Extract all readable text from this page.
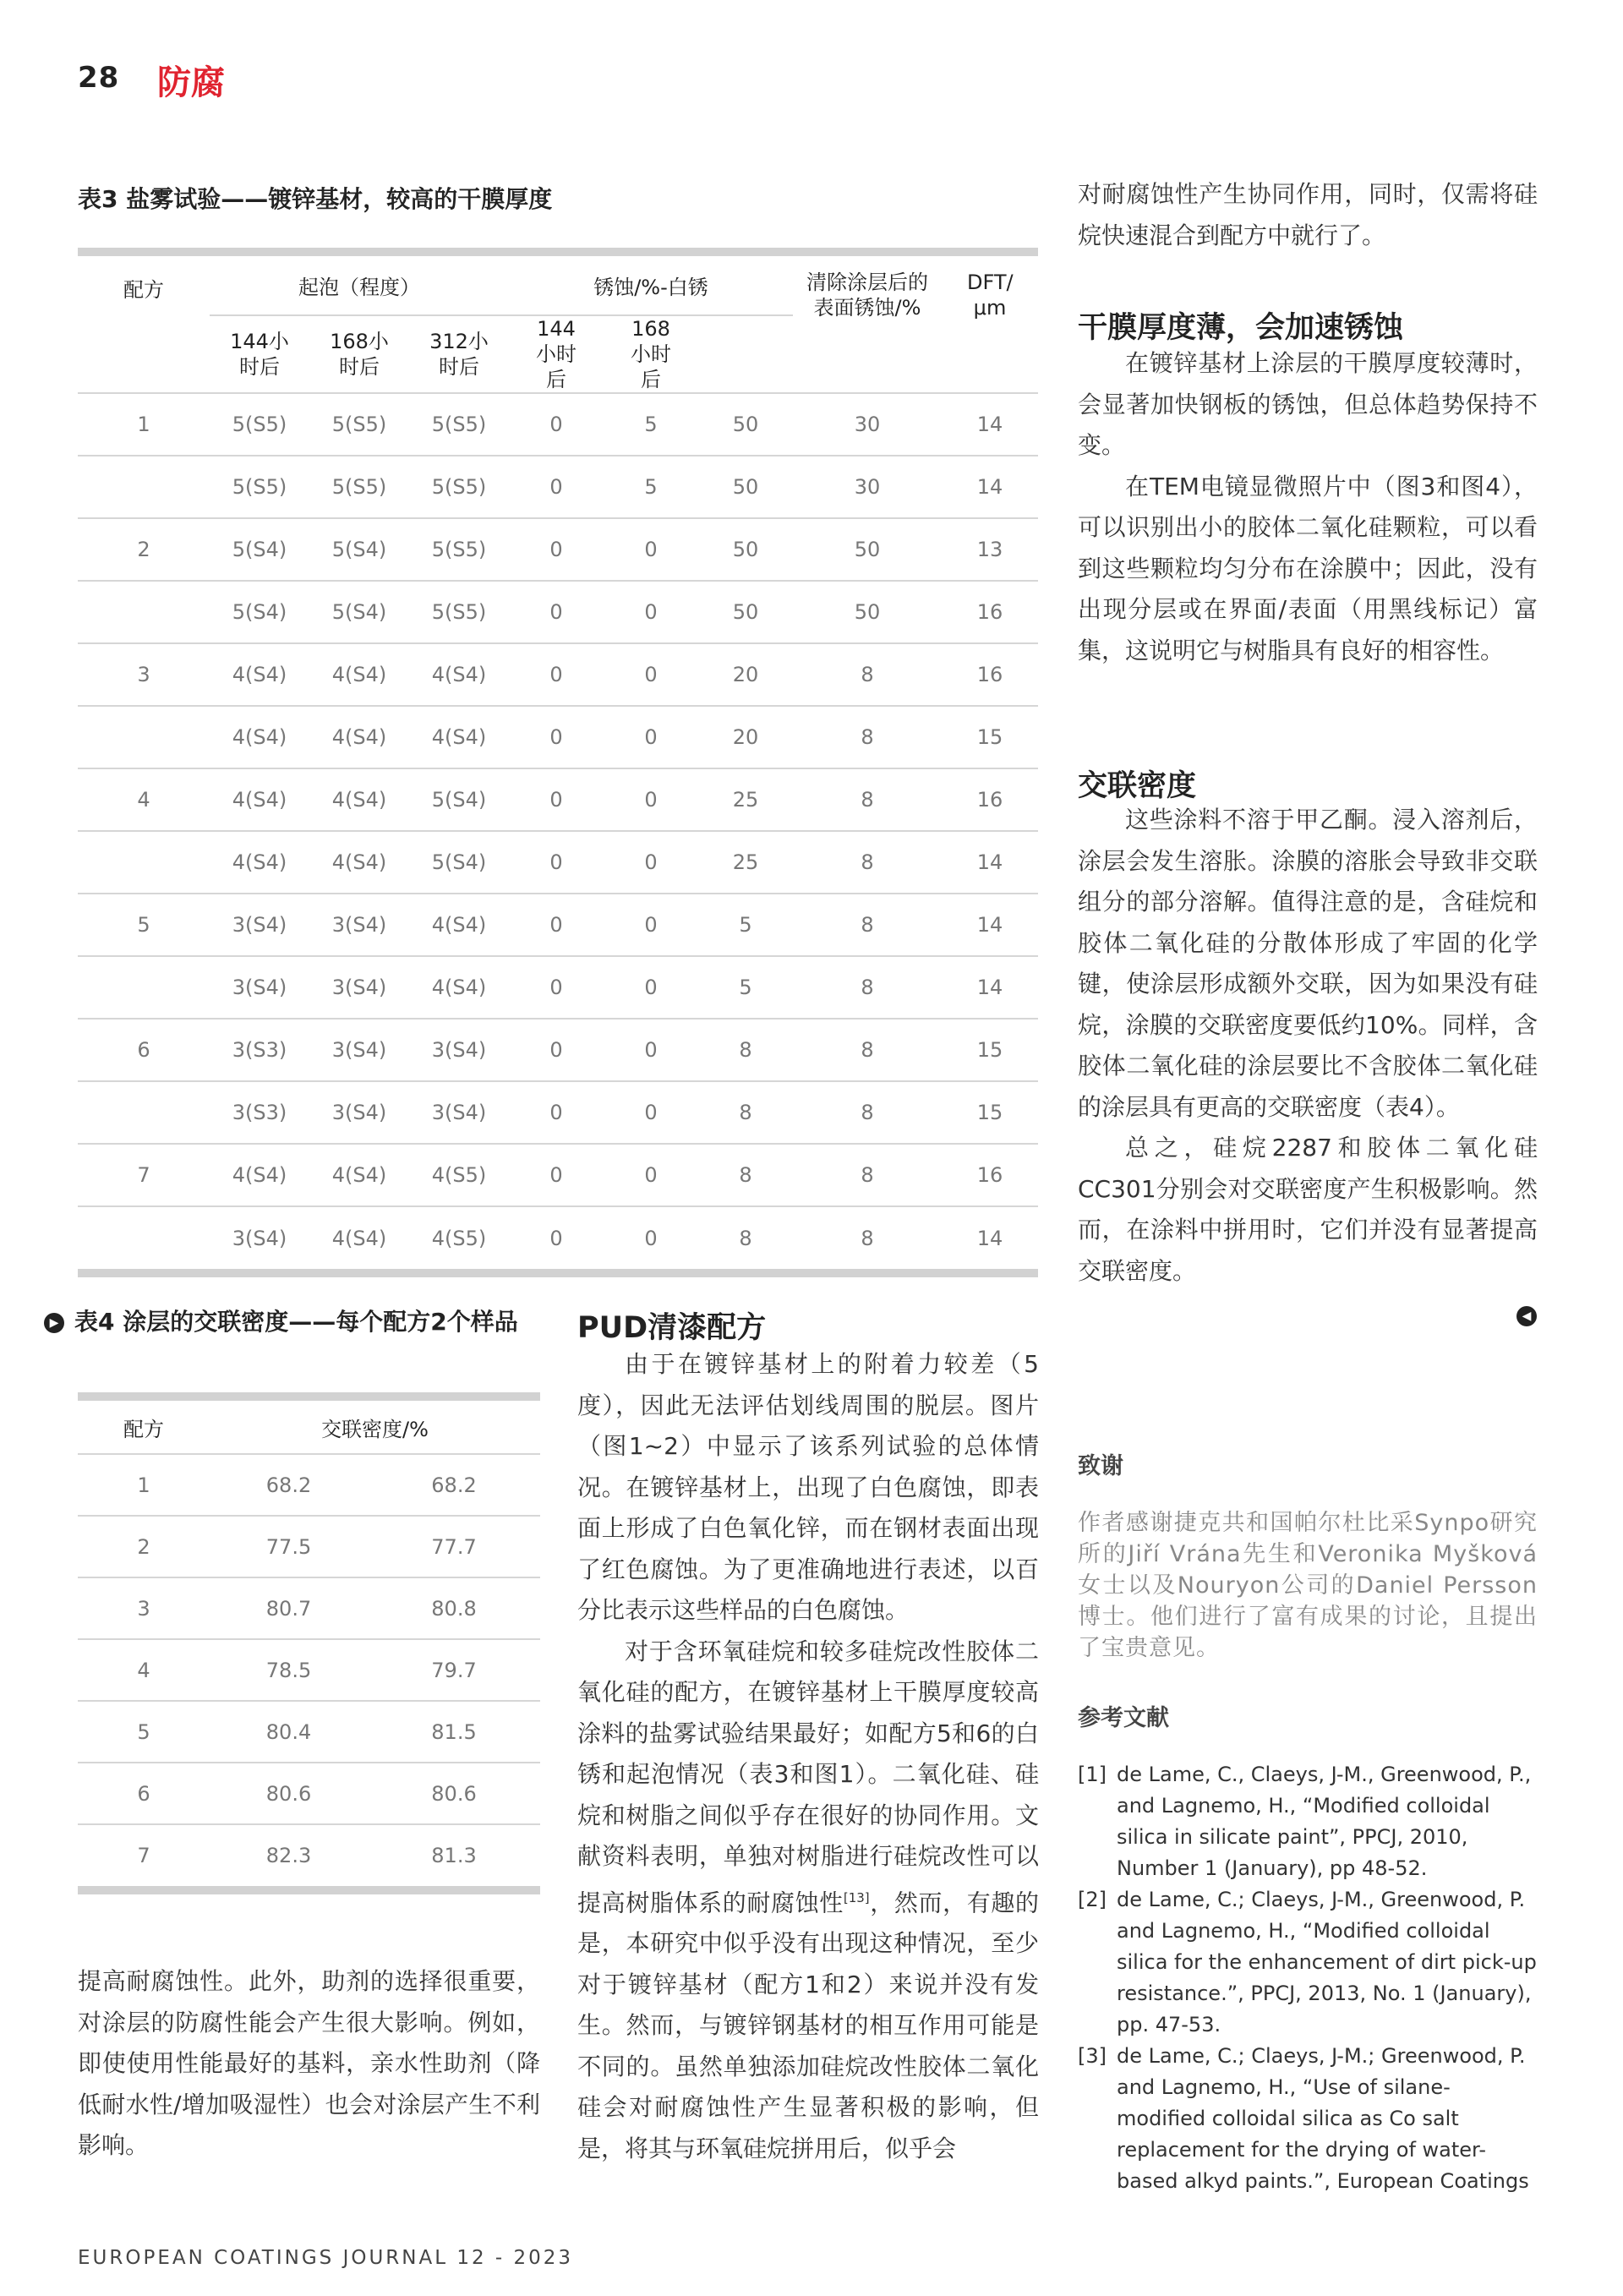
28 防腐
表3 盐雾试验——镀锌基材，较高的干膜厚度
配方	起泡（程度）			锈蚀/%-白锈			清除涂层后的表面锈蚀/%	DFT/μm
	144小时后	168小时后	312小时后	144小时后	168小时后			
1	5(S5)	5(S5)	5(S5)	0	5	50	30	14
	5(S5)	5(S5)	5(S5)	0	5	50	30	14
2	5(S4)	5(S4)	5(S5)	0	0	50	50	13
	5(S4)	5(S4)	5(S5)	0	0	50	50	16
3	4(S4)	4(S4)	4(S4)	0	0	20	8	16
	4(S4)	4(S4)	4(S4)	0	0	20	8	15
4	4(S4)	4(S4)	5(S4)	0	0	25	8	16
	4(S4)	4(S4)	5(S4)	0	0	25	8	14
5	3(S4)	3(S4)	4(S4)	0	0	5	8	14
	3(S4)	3(S4)	4(S4)	0	0	5	8	14
6	3(S3)	3(S4)	3(S4)	0	0	8	8	15
	3(S3)	3(S4)	3(S4)	0	0	8	8	15
7	4(S4)	4(S4)	4(S5)	0	0	8	8	16
	3(S4)	4(S4)	4(S5)	0	0	8	8	14
▶ 表4 涂层的交联密度——每个配方2个样品
配方	交联密度/%	
1	68.2	68.2
2	77.5	77.7
3	80.7	80.8
4	78.5	79.7
5	80.4	81.5
6	80.6	80.6
7	82.3	81.3

提高耐腐蚀性。此外，助剂的选择很重要，对涂层的防腐性能会产生很大影响。例如，即使使用性能最好的基料，亲水性助剂（降低耐水性/增加吸湿性）也会对涂层产生不利影响。

PUD清漆配方

由于在镀锌基材上的附着力较差（5度），因此无法评估划线周围的脱层。图片（图1~2）中显示了该系列试验的总体情况。在镀锌基材上，出现了白色腐蚀，即表面上形成了白色氧化锌，而在钢材表面出现了红色腐蚀。为了更准确地进行表述，以百分比表示这些样品的白色腐蚀。

对于含环氧硅烷和较多硅烷改性胶体二氧化硅的配方，在镀锌基材上干膜厚度较高涂料的盐雾试验结果最好；如配方5和6的白锈和起泡情况（表3和图1）。二氧化硅、硅烷和树脂之间似乎存在很好的协同作用。文献资料表明，单独对树脂进行硅烷改性可以提高树脂体系的耐腐蚀性[13]，然而，有趣的是，本研究中似乎没有出现这种情况，至少对于镀锌基材（配方1和2）来说并没有发生。然而，与镀锌钢基材的相互作用可能是不同的。虽然单独添加硅烷改性胶体二氧化硅会对耐腐蚀性产生显著积极的影响，但是，将其与环氧硅烷拼用后，似乎会

对耐腐蚀性产生协同作用，同时，仅需将硅烷快速混合到配方中就行了。

干膜厚度薄，会加速锈蚀

在镀锌基材上涂层的干膜厚度较薄时，会显著加快钢板的锈蚀，但总体趋势保持不变。

在TEM电镜显微照片中（图3和图4），可以识别出小的胶体二氧化硅颗粒，可以看到这些颗粒均匀分布在涂膜中；因此，没有出现分层或在界面/表面（用黑线标记）富集，这说明它与树脂具有良好的相容性。

交联密度

这些涂料不溶于甲乙酮。浸入溶剂后，涂层会发生溶胀。涂膜的溶胀会导致非交联组分的部分溶解。值得注意的是，含硅烷和胶体二氧化硅的分散体形成了牢固的化学键，使涂层形成额外交联，因为如果没有硅烷，涂膜的交联密度要低约10%。同样，含胶体二氧化硅的涂层要比不含胶体二氧化硅的涂层具有更高的交联密度（表4）。

总之，硅烷2287和胶体二氧化硅CC301分别会对交联密度产生积极影响。然而，在涂料中拼用时，它们并没有显著提高交联密度。

◀
致谢
作者感谢捷克共和国帕尔杜比采Synpo研究所的Jiří Vrána先生和Veronika Myšková女士以及Nouryon公司的Daniel Persson博士。他们进行了富有成果的讨论，且提出了宝贵意见。
参考文献
[1] de Lame, C., Claeys, J-M., Greenwood, P., and Lagnemo, H., “Modified colloidal silica in silicate paint”, PPCJ, 2010, Number 1 (January), pp 48-52.
[2] de Lame, C.; Claeys, J-M., Greenwood, P. and Lagnemo, H., “Modified colloidal silica for the enhancement of dirt pick-up resistance.”, PPCJ, 2013, No. 1 (January), pp. 47-53.
[3] de Lame, C.; Claeys, J-M.; Greenwood, P. and Lagnemo, H., “Use of silane-modified colloidal silica as Co salt replacement for the drying of water-based alkyd paints.”, European Coatings
EUROPEAN COATINGS JOURNAL 12 - 2023
